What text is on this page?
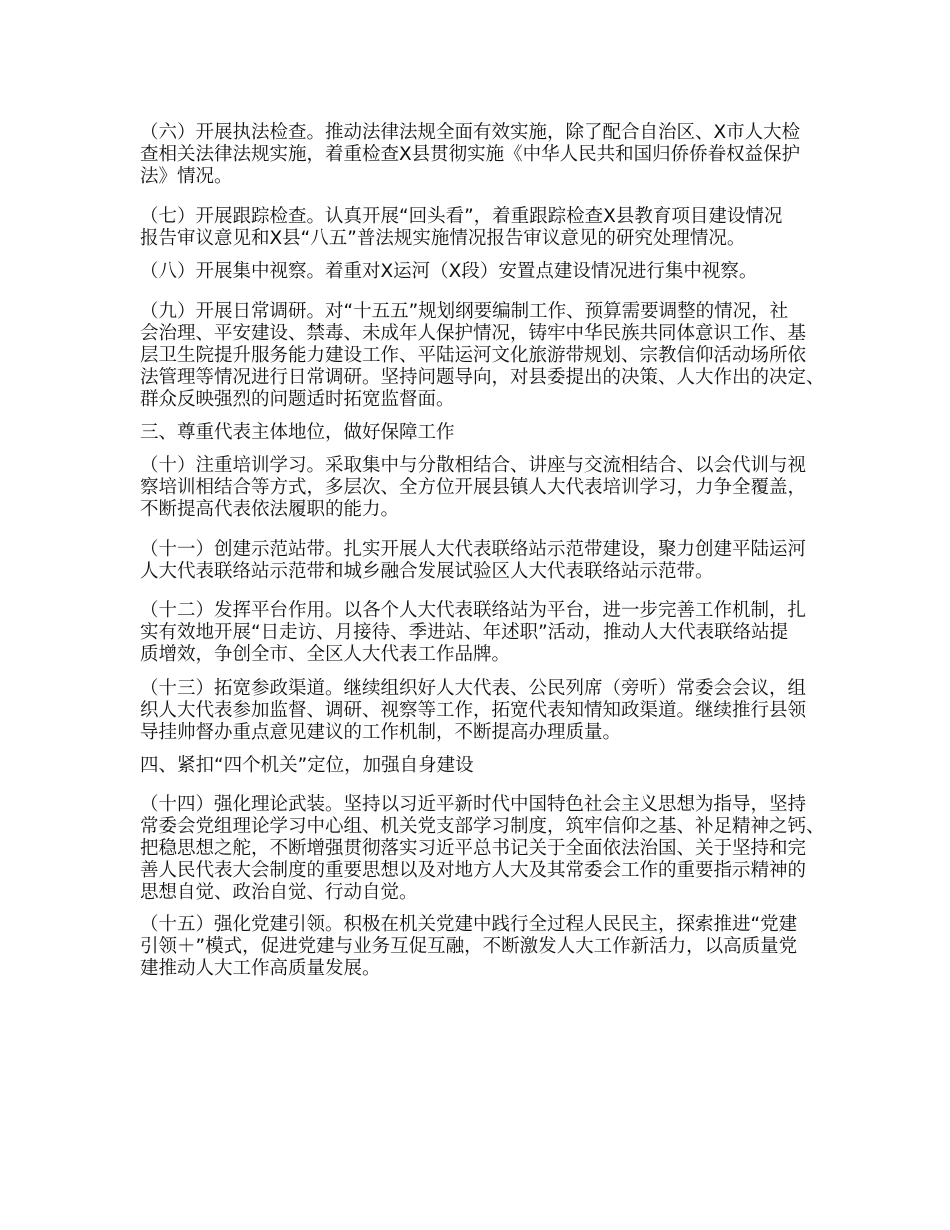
（六）开展执法检查。推动法律法规全面有效实施，除了配合自治区、X市人大检
查相关法律法规实施，着重检查X县贯彻实施《中华人民共和国归侨侨眷权益保护
法》情况。
（七）开展跟踪检查。认真开展“回头看”，着重跟踪检查X县教育项目建设情况
报告审议意见和X县“八五”普法规实施情况报告审议意见的研究处理情况。
（八）开展集中视察。着重对X运河（X段）安置点建设情况进行集中视察。
（九）开展日常调研。对“十五五”规划纲要编制工作、预算需要调整的情况，社
会治理、平安建设、禁毒、未成年人保护情况，铸牢中华民族共同体意识工作、基
层卫生院提升服务能力建设工作、平陆运河文化旅游带规划、宗教信仰活动场所依
法管理等情况进行日常调研。坚持问题导向，对县委提出的决策、人大作出的决定、
群众反映强烈的问题适时拓宽监督面。
三、尊重代表主体地位，做好保障工作
（十）注重培训学习。采取集中与分散相结合、讲座与交流相结合、以会代训与视
察培训相结合等方式，多层次、全方位开展县镇人大代表培训学习，力争全覆盖，
不断提高代表依法履职的能力。
（十一）创建示范站带。扎实开展人大代表联络站示范带建设，聚力创建平陆运河
人大代表联络站示范带和城乡融合发展试验区人大代表联络站示范带。
（十二）发挥平台作用。以各个人大代表联络站为平台，进一步完善工作机制，扎
实有效地开展“日走访、月接待、季进站、年述职”活动，推动人大代表联络站提
质增效，争创全市、全区人大代表工作品牌。
（十三）拓宽参政渠道。继续组织好人大代表、公民列席（旁听）常委会会议，组
织人大代表参加监督、调研、视察等工作，拓宽代表知情知政渠道。继续推行县领
导挂帅督办重点意见建议的工作机制，不断提高办理质量。
四、紧扣“四个机关”定位，加强自身建设
（十四）强化理论武装。坚持以习近平新时代中国特色社会主义思想为指导，坚持
常委会党组理论学习中心组、机关党支部学习制度，筑牢信仰之基、补足精神之钙、
把稳思想之舵，不断增强贯彻落实习近平总书记关于全面依法治国、关于坚持和完
善人民代表大会制度的重要思想以及对地方人大及其常委会工作的重要指示精神的
思想自觉、政治自觉、行动自觉。
（十五）强化党建引领。积极在机关党建中践行全过程人民民主，探索推进“党建
引领＋”模式，促进党建与业务互促互融，不断激发人大工作新活力，以高质量党
建推动人大工作高质量发展。
